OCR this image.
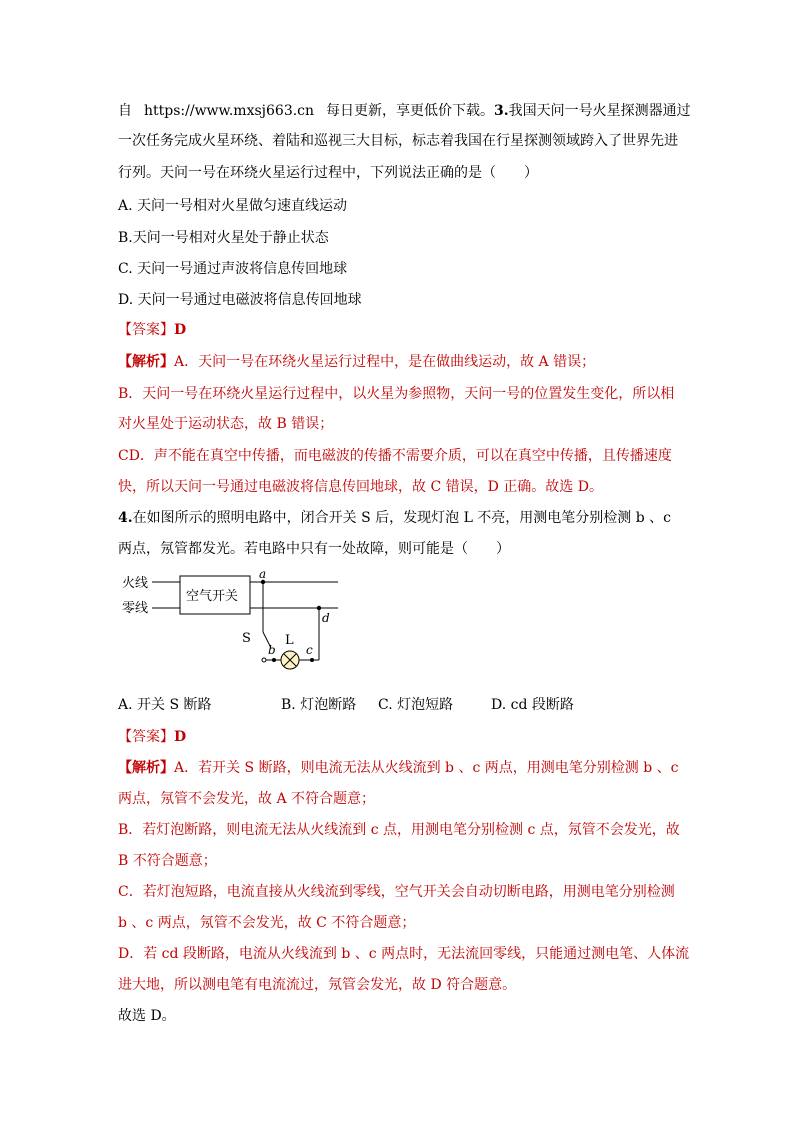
自 https://www.mxsj663.cn 每日更新，享更低价下载。3.我国天问一号火星探测器通过
一次任务完成火星环绕、着陆和巡视三大目标，标志着我国在行星探测领域跨入了世界先进
行列。天问一号在环绕火星运行过程中，下列说法正确的是（　　）
A. 天问一号相对火星做匀速直线运动
B.天问一号相对火星处于静止状态
C. 天问一号通过声波将信息传回地球
D. 天问一号通过电磁波将信息传回地球
【答案】D
【解析】A．天问一号在环绕火星运行过程中，是在做曲线运动，故 A 错误；
B．天问一号在环绕火星运行过程中，以火星为参照物，天问一号的位置发生变化，所以相
对火星处于运动状态，故 B 错误；
CD．声不能在真空中传播，而电磁波的传播不需要介质，可以在真空中传播，且传播速度
快，所以天问一号通过电磁波将信息传回地球，故 C 错误，D 正确。故选 D。
4.在如图所示的照明电路中，闭合开关 S 后，发现灯泡 L 不亮，用测电笔分别检测 b 、c
两点，氖管都发光。若电路中只有一处故障，则可能是（　　）
火线
零线
空气开关
a
S
b
L
c
d
A. 开关 S 断路	B. 灯泡断路 C. 灯泡短路	D. cd 段断路
【答案】D
【解析】A．若开关 S 断路，则电流无法从火线流到 b 、c 两点，用测电笔分别检测 b 、c
两点，氖管不会发光，故 A 不符合题意；
B．若灯泡断路，则电流无法从火线流到 c 点，用测电笔分别检测 c 点，氖管不会发光，故
B 不符合题意；
C．若灯泡短路，电流直接从火线流到零线，空气开关会自动切断电路，用测电笔分别检测
b 、c 两点，氖管不会发光，故 C 不符合题意；
D．若 cd 段断路，电流从火线流到 b 、c 两点时，无法流回零线，只能通过测电笔、人体流
进大地，所以测电笔有电流流过，氖管会发光，故 D 符合题意。
故选 D。
